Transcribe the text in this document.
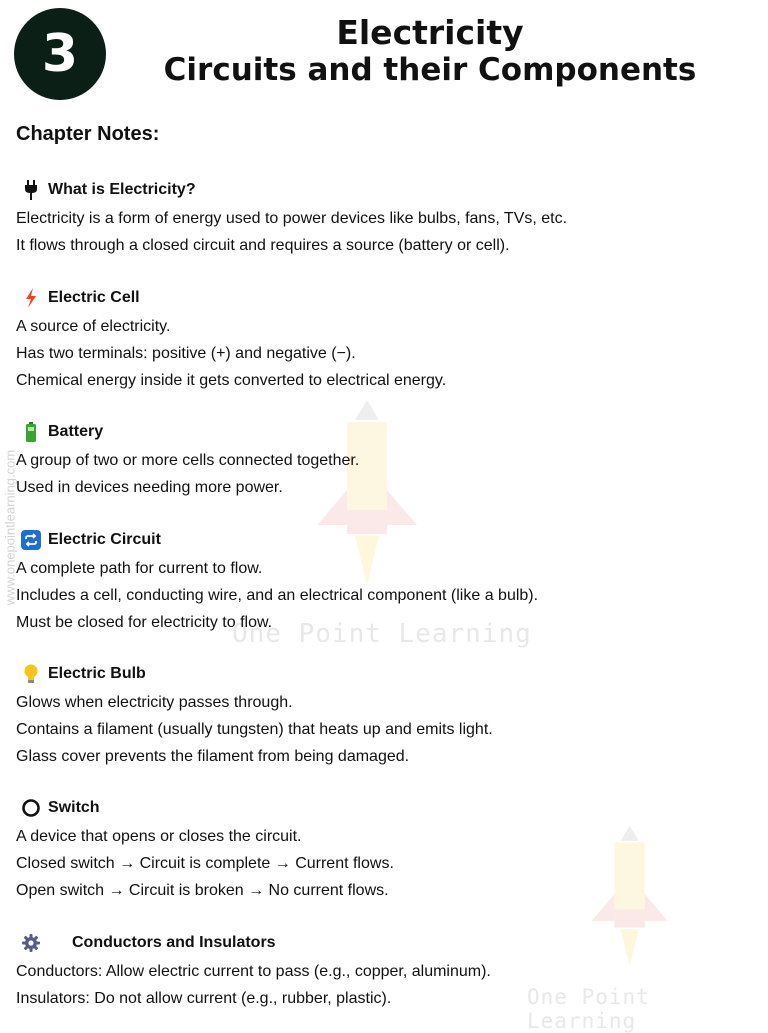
One Point Learning
One Point Learning
www.onepointlearning.com
3	Electricity
Circuits and their Components
Chapter Notes:
What is Electricity?
Electricity is a form of energy used to power devices like bulbs, fans, TVs, etc.
It flows through a closed circuit and requires a source (battery or cell).
Electric Cell
A source of electricity.
Has two terminals: positive (+) and negative (−).
Chemical energy inside it gets converted to electrical energy.
Battery
A group of two or more cells connected together.
Used in devices needing more power.
Electric Circuit
A complete path for current to flow.
Includes a cell, conducting wire, and an electrical component (like a bulb).
Must be closed for electricity to flow.
Electric Bulb
Glows when electricity passes through.
Contains a filament (usually tungsten) that heats up and emits light.
Glass cover prevents the filament from being damaged.
Switch
A device that opens or closes the circuit.
Closed switch → Circuit is complete → Current flows.
Open switch → Circuit is broken → No current flows.
Conductors and Insulators
Conductors: Allow electric current to pass (e.g., copper, aluminum).
Insulators: Do not allow current (e.g., rubber, plastic).
